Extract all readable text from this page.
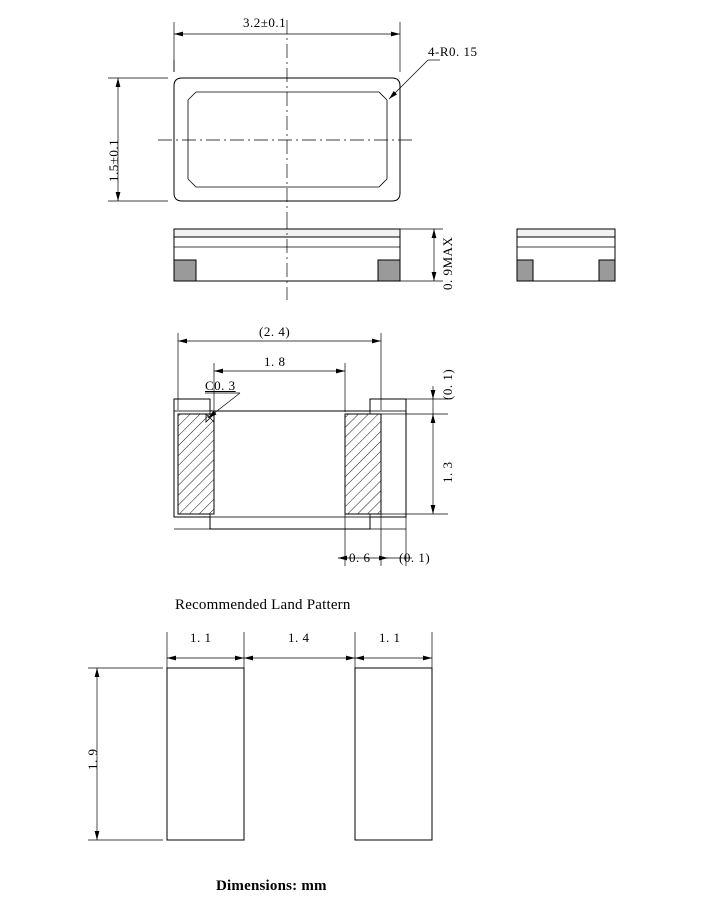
3.2±0.1
1.5±0.1
4-R0. 15
0. 9MAX
(2. 4)
1. 8
C0. 3	(0. 1)
1. 3
0. 6 (0. 1)
Recommended Land Pattern
1. 1	1. 4	1. 1
1. 9
Dimensions: mm
